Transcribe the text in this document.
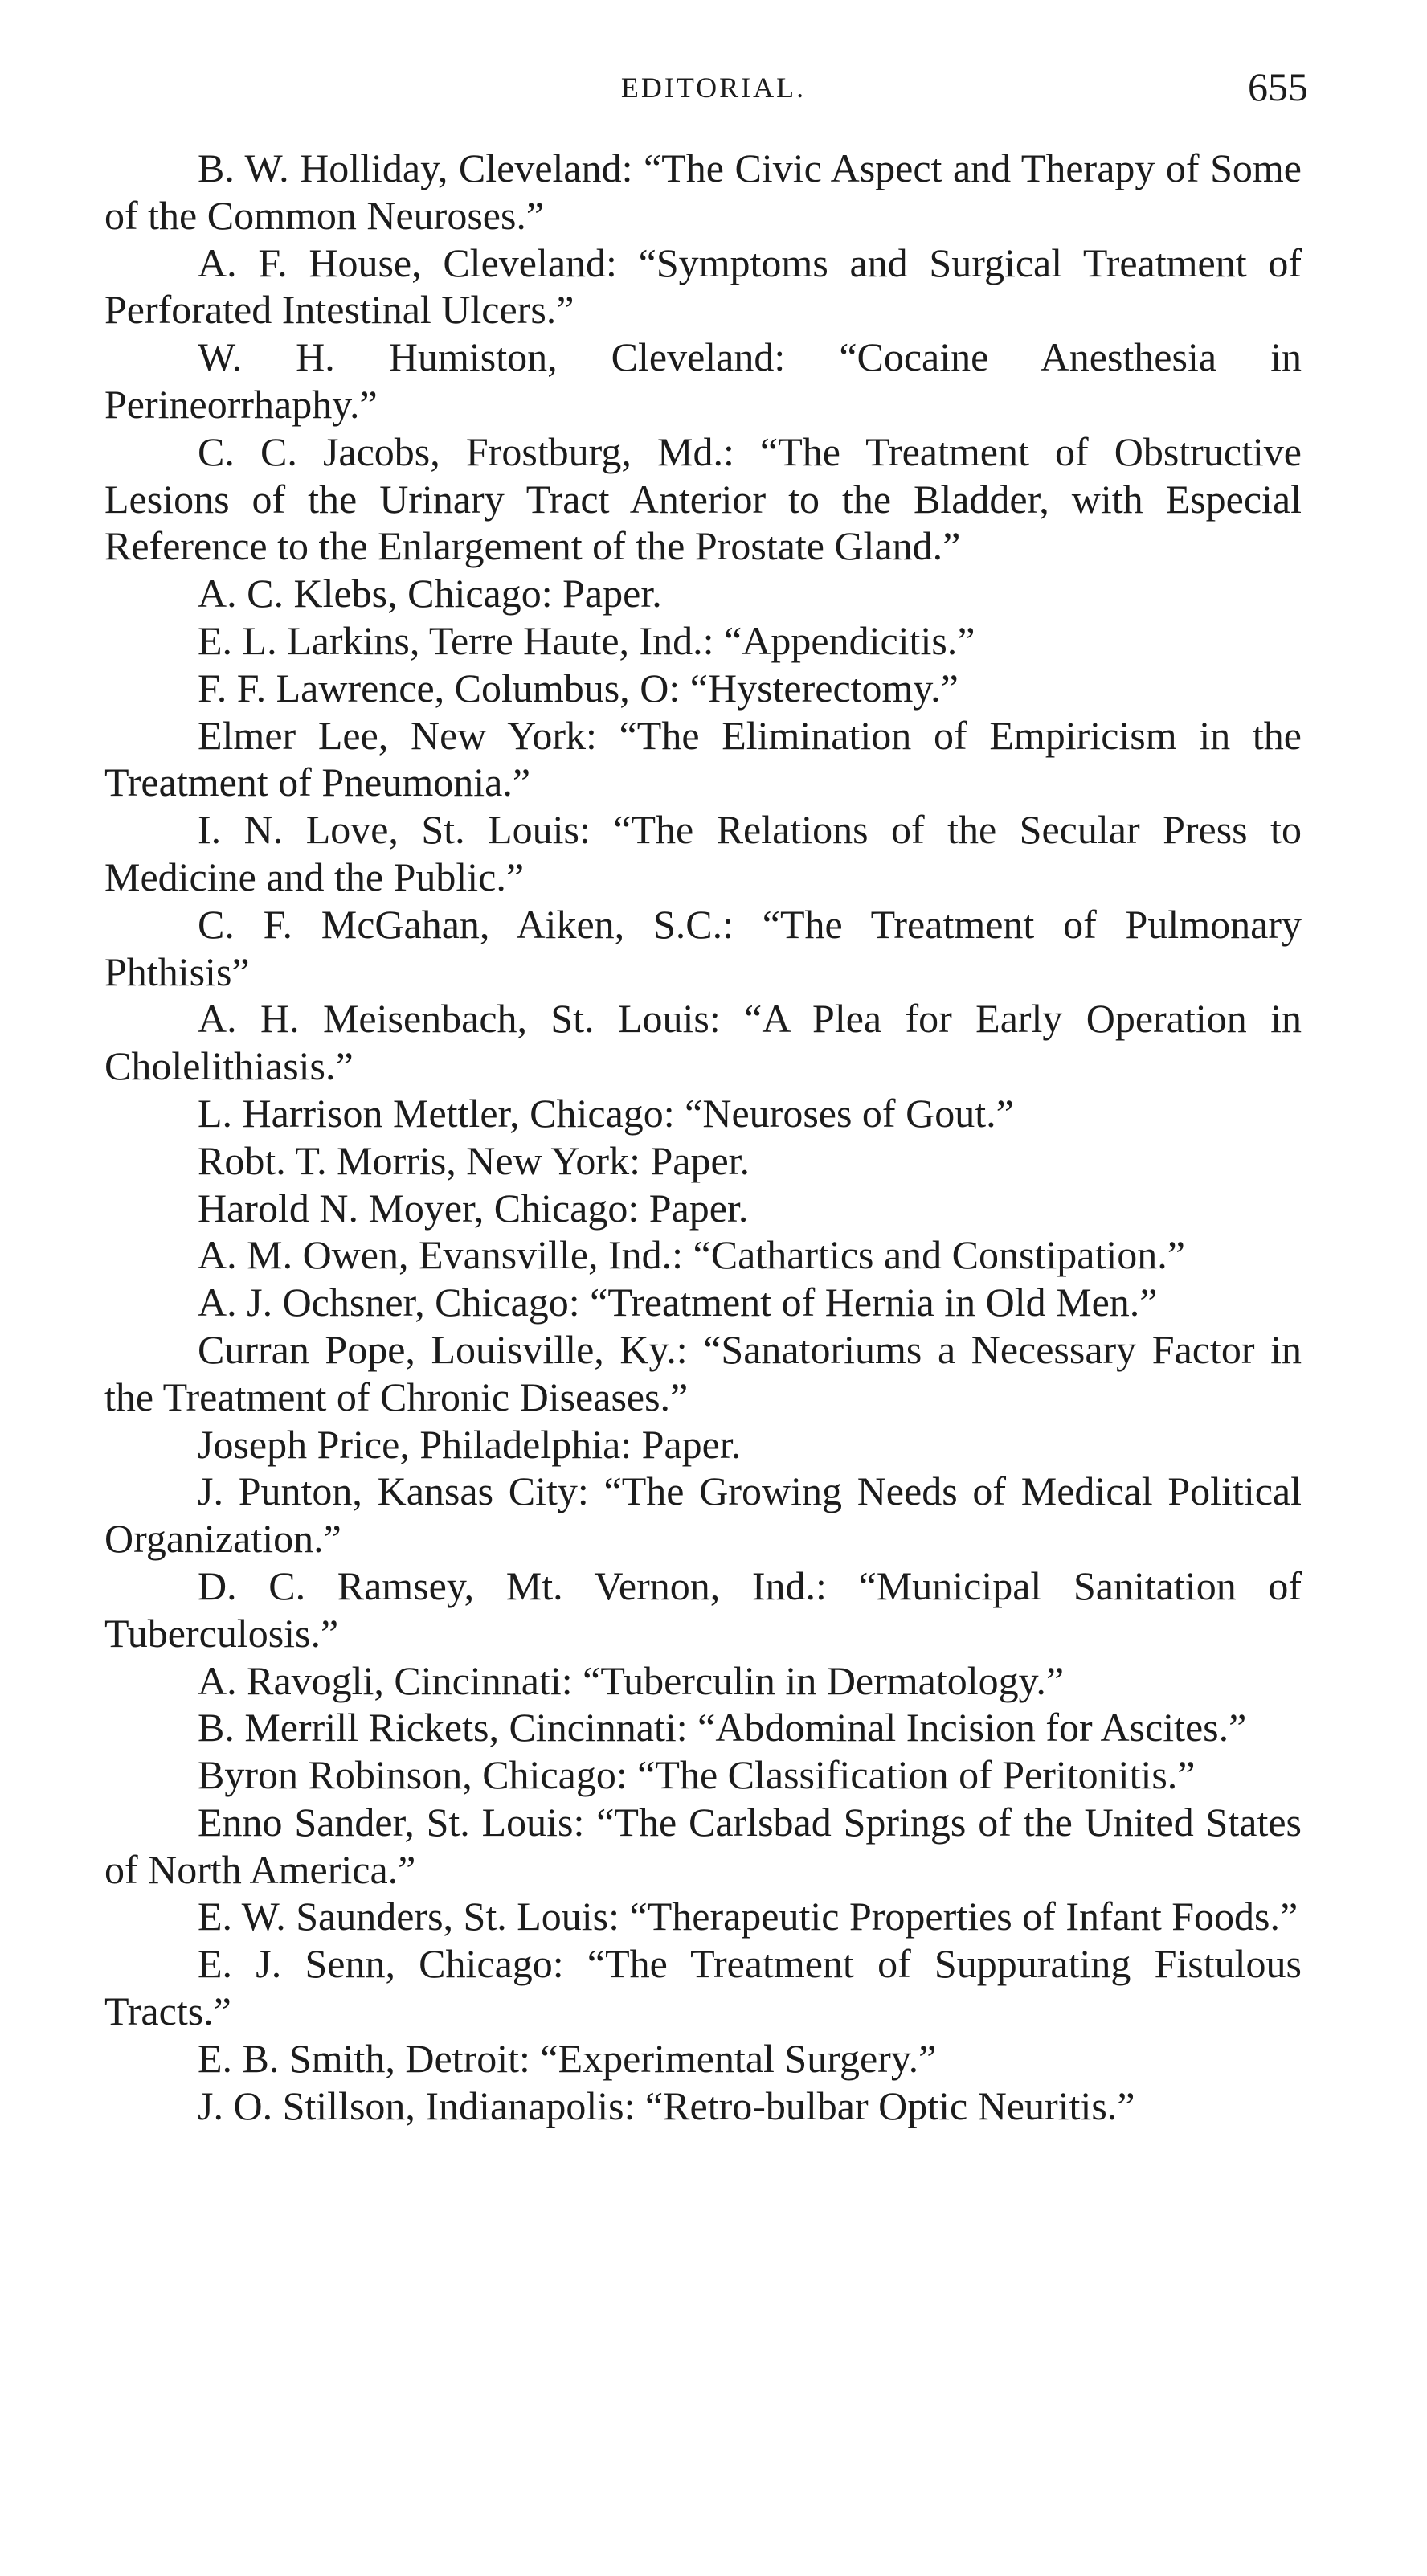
EDITORIAL.	655

B. W. Holliday, Cleveland: “The Civic Aspect and Therapy of Some of the Common Neuroses.”

A. F. House, Cleveland: “Symptoms and Surgical Treatment of Perforated Intestinal Ulcers.”

W. H. Humiston, Cleveland: “Cocaine Anesthesia in Perineorrhaphy.”

C. C. Jacobs, Frostburg, Md.: “The Treatment of Obstructive Lesions of the Urinary Tract Anterior to the Bladder, with Especial Reference to the Enlargement of the Prostate Gland.”

A. C. Klebs, Chicago: Paper.

E. L. Larkins, Terre Haute, Ind.: “Appendicitis.”

F. F. Lawrence, Columbus, O: “Hysterectomy.”

Elmer Lee, New York: “The Elimination of Empiricism in the Treatment of Pneumonia.”

I. N. Love, St. Louis: “The Relations of the Secular Press to Medicine and the Public.”

C. F. McGahan, Aiken, S.C.: “The Treatment of Pulmonary Phthisis”

A. H. Meisenbach, St. Louis: “A Plea for Early Operation in Cholelithiasis.”

L. Harrison Mettler, Chicago: “Neuroses of Gout.”

Robt. T. Morris, New York: Paper.

Harold N. Moyer, Chicago: Paper.

A. M. Owen, Evansville, Ind.: “Cathartics and Constipation.”

A. J. Ochsner, Chicago: “Treatment of Hernia in Old Men.”

Curran Pope, Louisville, Ky.: “Sanatoriums a Necessary Factor in the Treatment of Chronic Diseases.”

Joseph Price, Philadelphia: Paper.

J. Punton, Kansas City: “The Growing Needs of Medical Political Organization.”

D. C. Ramsey, Mt. Vernon, Ind.: “Municipal Sanitation of Tuberculosis.”

A. Ravogli, Cincinnati: “Tuberculin in Dermatology.”

B. Merrill Rickets, Cincinnati: “Abdominal Incision for Ascites.”

Byron Robinson, Chicago: “The Classification of Peritonitis.”

Enno Sander, St. Louis: “The Carlsbad Springs of the United States of North America.”

E. W. Saunders, St. Louis: “Therapeutic Properties of Infant Foods.”

E. J. Senn, Chicago: “The Treatment of Suppurating Fistulous Tracts.”

E. B. Smith, Detroit: “Experimental Surgery.”

J. O. Stillson, Indianapolis: “Retro-bulbar Optic Neuritis.”
